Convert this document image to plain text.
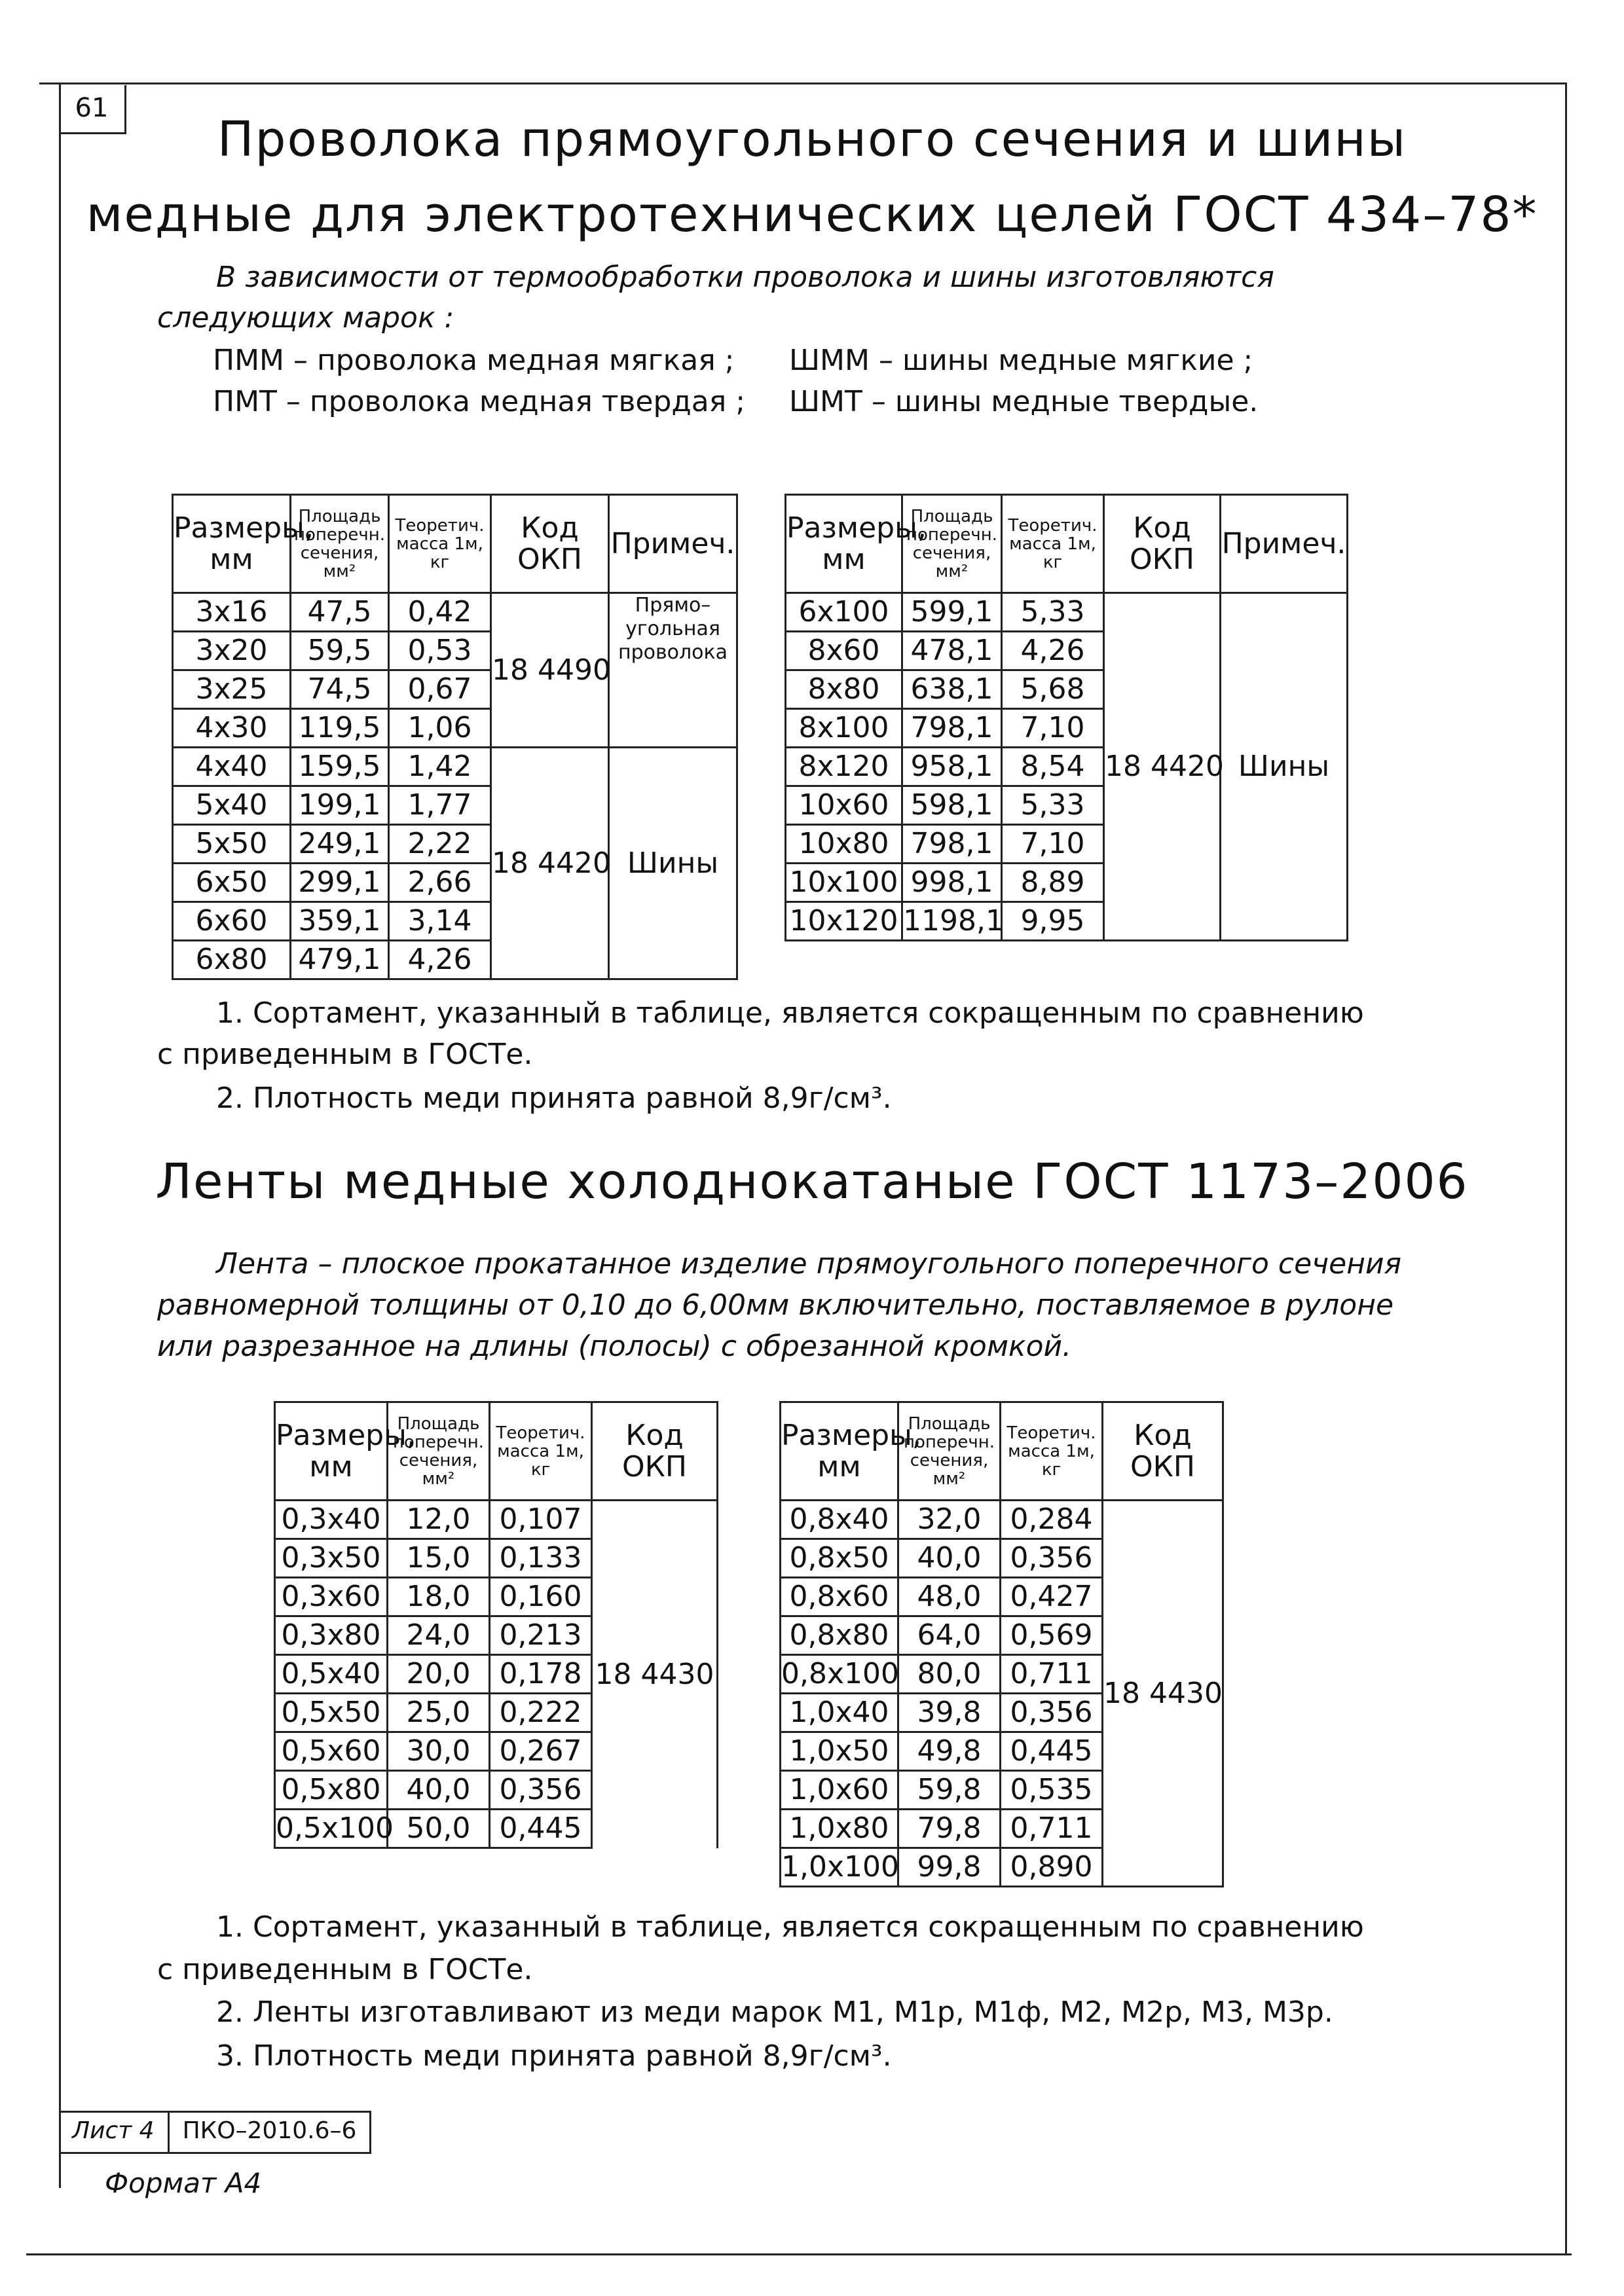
61
Проволока прямоугольного сечения и шины
медные для электротехнических целей ГОСТ 434–78*
В зависимости от термообработки проволока и шины изготовляются
следующих марок :
ПММ – проволока медная мягкая ; ШММ – шины медные мягкие ;
ПМТ – проволока медная твердая ; ШМТ – шины медные твердые.
Размеры, мм	Площадь поперечн. сечения, мм²	Теоретич. масса 1м, кг	Код ОКП	Примеч.
3x16	47,5	0,42	18 4490	Прямо– угольная проволока
3x20	59,5	0,53		
3x25	74,5	0,67		
4x30	119,5	1,06		
4x40	159,5	1,42	18 4420	Шины
5x40	199,1	1,77		
5x50	249,1	2,22		
6x50	299,1	2,66		
6x60	359,1	3,14		
6x80	479,1	4,26		
Размеры, мм	Площадь поперечн. сечения, мм²	Теоретич. масса 1м, кг	Код ОКП	Примеч.
6x100	599,1	5,33	18 4420	Шины
8x60	478,1	4,26		
8x80	638,1	5,68		
8x100	798,1	7,10		
8x120	958,1	8,54		
10x60	598,1	5,33		
10x80	798,1	7,10		
10x100	998,1	8,89		
10x120	1198,1	9,95		
1. Сортамент, указанный в таблице, является сокращенным по сравнению
с приведенным в ГОСТе.
2. Плотность меди принята равной 8,9г/см³.
Ленты медные холоднокатаные ГОСТ 1173–2006
Лента – плоское прокатанное изделие прямоугольного поперечного сечения
равномерной толщины от 0,10 до 6,00мм включительно, поставляемое в рулоне
или разрезанное на длины (полосы) с обрезанной кромкой.
Размеры, мм	Площадь поперечн. сечения, мм²	Теоретич. масса 1м, кг	Код ОКП
0,3x40	12,0	0,107	18 4430
0,3x50	15,0	0,133	
0,3x60	18,0	0,160	
0,3x80	24,0	0,213	
0,5x40	20,0	0,178	
0,5x50	25,0	0,222	
0,5x60	30,0	0,267	
0,5x80	40,0	0,356	
0,5x100	50,0	0,445	
Размеры, мм	Площадь поперечн. сечения, мм²	Теоретич. масса 1м, кг	Код ОКП
0,8x40	32,0	0,284	18 4430
0,8x50	40,0	0,356	
0,8x60	48,0	0,427	
0,8x80	64,0	0,569	
0,8x100	80,0	0,711	
1,0x40	39,8	0,356	
1,0x50	49,8	0,445	
1,0x60	59,8	0,535	
1,0x80	79,8	0,711	
1,0x100	99,8	0,890	
1. Сортамент, указанный в таблице, является сокращенным по сравнению
с приведенным в ГОСТе.
2. Ленты изготавливают из меди марок М1, М1р, М1ф, М2, М2р, М3, М3р.
3. Плотность меди принята равной 8,9г/см³.
Лист 4	ПКО–2010.6–6
Формат А4
